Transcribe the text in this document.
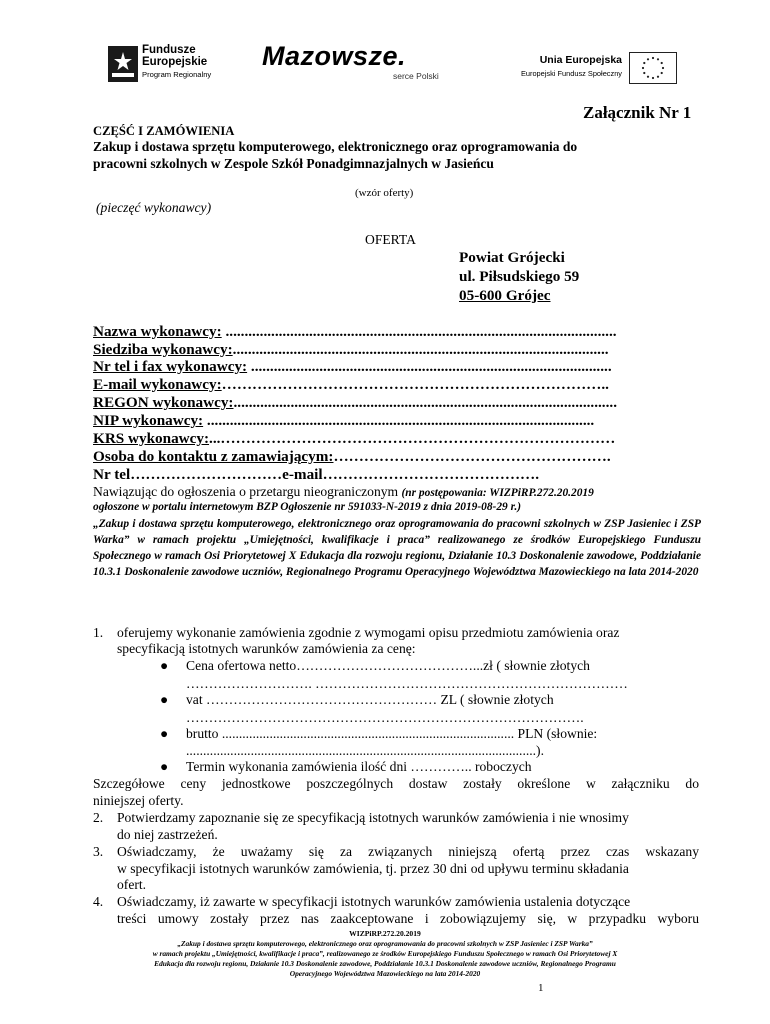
Fundusze
Europejskie
Program Regionalny
Mazowsze.
serce Polski
Unia Europejska
Europejski Fundusz Społeczny
Załącznik Nr 1
CZĘŚĆ I ZAMÓWIENIA
Zakup i dostawa sprzętu komputerowego, elektronicznego oraz oprogramowania do
pracowni szkolnych w Zespole Szkół Ponadgimnazjalnych w Jasieńcu
(wzór oferty)
(pieczęć wykonawcy)
OFERTA
Powiat Grójecki
ul. Piłsudskiego 59
05-600 Grójec
Nazwa wykonawcy: .......................................................................................................
Siedziba wykonawcy:...................................................................................................
Nr tel i fax wykonawcy: ...............................................................................................
E-mail wykonawcy:…………………………………………………………………..
REGON wykonawcy:.....................................................................................................
NIP wykonawcy: ......................................................................................................
KRS wykonawcy:...……………………………………………………………………
Osoba do kontaktu z zamawiającym:……………………………………………….
Nr tel…………………………e-mail…………………………………….
Nawiązując do ogłoszenia o przetargu nieograniczonym (nr postępowania: WIZPiRP.272.20.2019
ogłoszone w portalu internetowym BZP Ogłoszenie nr 591033-N-2019 z dnia 2019-08-29 r.)
„Zakup i dostawa sprzętu komputerowego, elektronicznego oraz oprogramowania do pracowni szkolnych w ZSP Jasieniec i ZSP Warka” w ramach projektu „Umiejętności, kwalifikacje i praca” realizowanego ze środków Europejskiego Funduszu Społecznego w ramach Osi Priorytetowej X Edukacja dla rozwoju regionu, Działanie 10.3 Doskonalenie zawodowe, Poddziałanie 10.3.1 Doskonalenie zawodowe uczniów, Regionalnego Programu Operacyjnego Województwa Mazowieckiego na lata 2014-2020
1. oferujemy wykonanie zamówienia zgodnie z wymogami opisu przedmiotu zamówienia oraz
specyfikacją istotnych warunków zamówienia za cenę:
● Cena ofertowa netto…………………………………...zł ( słownie złotych
………………………. ……………………………………………………………
● vat …………………………………………… ZL ( słownie złotych
…………………………………………………………………………….
● brutto ...................................................................................... PLN (słownie:
.......................................................................................................).
● Termin wykonania zamówienia ilość dni ………….. roboczych
Szczegółowe ceny jednostkowe poszczególnych dostaw zostały określone w załączniku do
niniejszej oferty.
2. Potwierdzamy zapoznanie się ze specyfikacją istotnych warunków zamówienia i nie wnosimy
do niej zastrzeżeń.
3. Oświadczamy, że uważamy się za związanych niniejszą ofertą przez czas wskazany
w specyfikacji istotnych warunków zamówienia, tj. przez 30 dni od upływu terminu składania
ofert.
4. Oświadczamy, iż zawarte w specyfikacji istotnych warunków zamówienia ustalenia dotyczące
treści umowy zostały przez nas zaakceptowane i zobowiązujemy się, w przypadku wyboru
WIZPiRP.272.20.2019
„Zakup i dostawa sprzętu komputerowego, elektronicznego oraz oprogramowania do pracowni szkolnych w ZSP Jasieniec i ZSP Warka”
w ramach projektu „Umiejętności, kwalifikacje i praca”, realizowanego ze środków Europejskiego Funduszu Społecznego w ramach Osi Priorytetowej X
Edukacja dla rozwoju regionu, Działanie 10.3 Doskonalenie zawodowe, Poddziałanie 10.3.1 Doskonalenie zawodowe uczniów, Regionalnego Programu
Operacyjnego Województwa Mazowieckiego na lata 2014-2020
1
